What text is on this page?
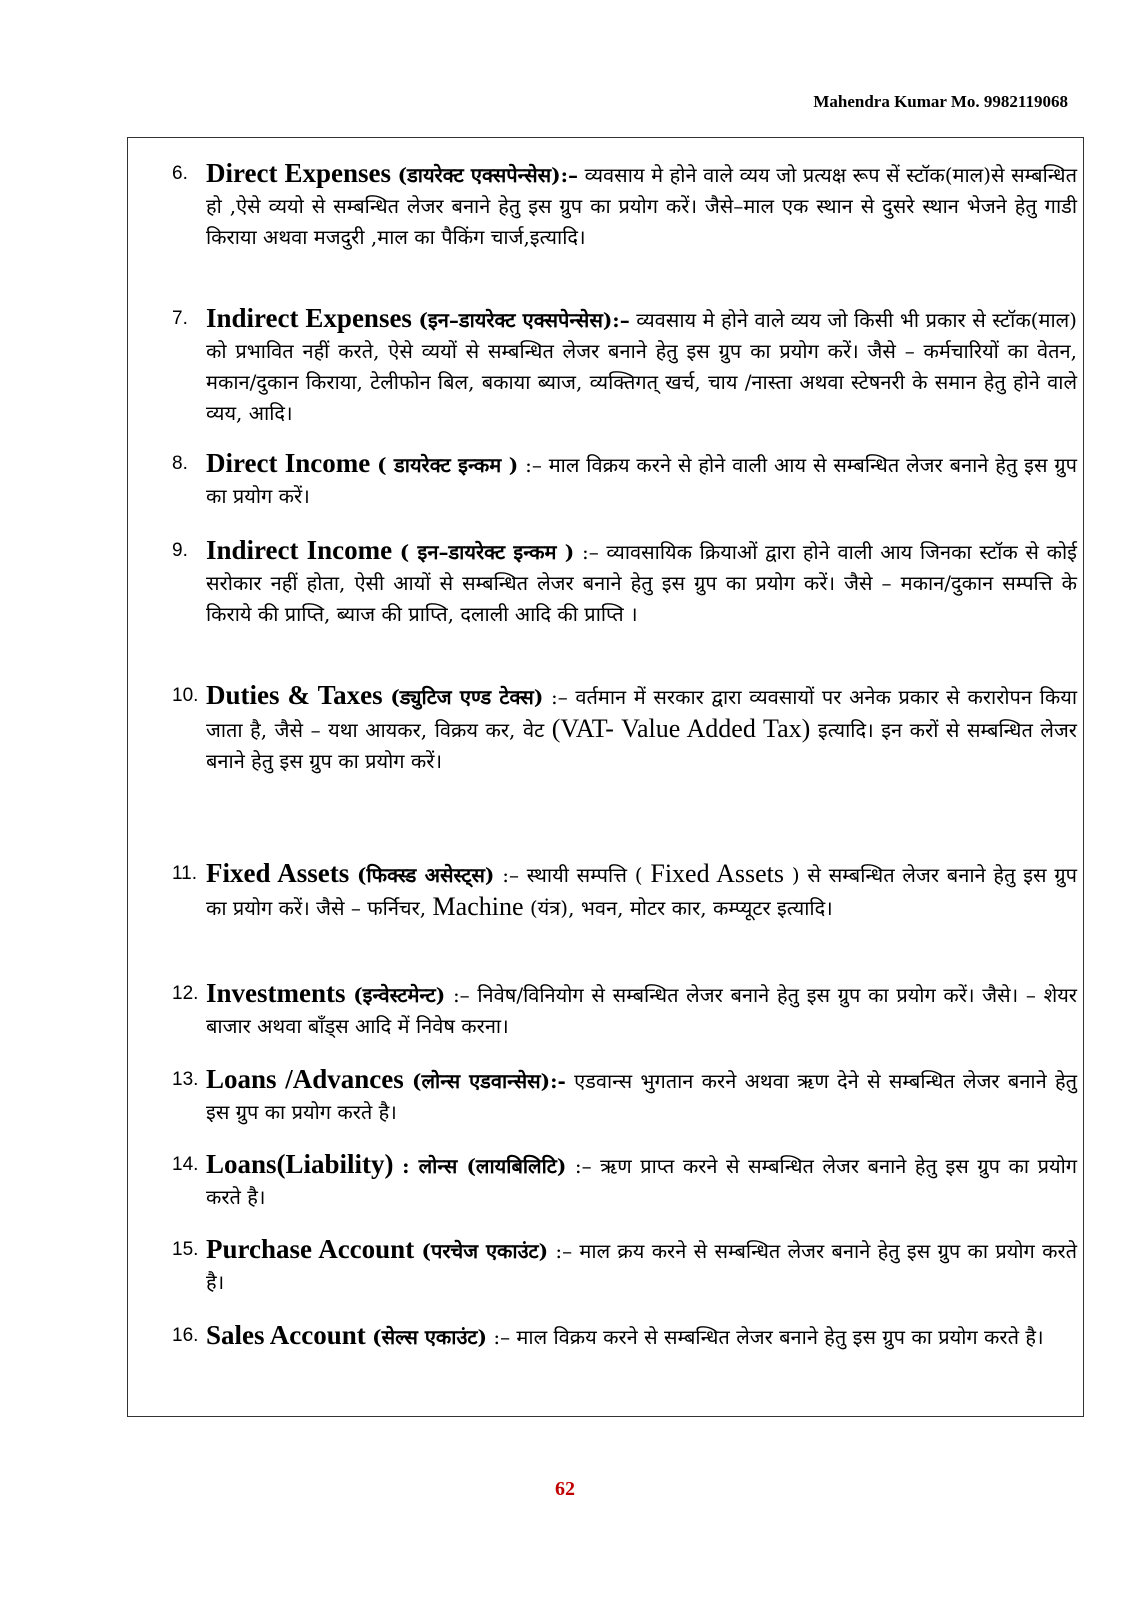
Mahendra Kumar Mo. 9982119068
6. Direct Expenses (डायरेक्ट एक्सपेन्सेस):– व्यवसाय मे होने वाले व्यय जो प्रत्यक्ष रूप सें स्टॉक(माल)से सम्बन्धित हो ,ऐसे व्ययो से सम्बन्धित लेजर बनाने हेतु इस ग्रुप का प्रयोग करें। जैसे–माल एक स्थान से दुसरे स्थान भेजने हेतु गाडी किराया अथवा मजदुरी ,माल का पैकिंग चार्ज,इत्यादि।
7. Indirect Expenses (इन–डायरेक्ट एक्सपेन्सेस):– व्यवसाय मे होने वाले व्यय जो किसी भी प्रकार से स्टॉक(माल) को प्रभावित नहीं करते, ऐसे व्ययों से सम्बन्धित लेजर बनाने हेतु इस ग्रुप का प्रयोग करें। जैसे – कर्मचारियों का वेतन, मकान/दुकान किराया, टेलीफोन बिल, बकाया ब्याज, व्यक्तिगत् खर्च, चाय /नास्ता अथवा स्टेषनरी के समान हेतु होने वाले व्यय, आदि।
8. Direct Income ( डायरेक्ट इन्कम ) :– माल विक्रय करने से होने वाली आय से सम्बन्धित लेजर बनाने हेतु इस ग्रुप का प्रयोग करें।
9. Indirect Income ( इन–डायरेक्ट इन्कम ) :– व्यावसायिक क्रियाओं द्वारा होने वाली आय जिनका स्टॉक से कोई सरोकार नहीं होता, ऐसी आयों से सम्बन्धित लेजर बनाने हेतु इस ग्रुप का प्रयोग करें। जैसे – मकान/दुकान सम्पत्ति के किराये की प्राप्ति, ब्याज की प्राप्ति, दलाली आदि की प्राप्ति ।
10. Duties & Taxes (ड्युटिज एण्ड टेक्स) :– वर्तमान में सरकार द्वारा व्यवसायों पर अनेक प्रकार से करारोपन किया जाता है, जैसे – यथा आयकर, विक्रय कर, वेट (VAT- Value Added Tax) इत्यादि। इन करों से सम्बन्धित लेजर बनाने हेतु इस ग्रुप का प्रयोग करें।
11. Fixed Assets (फिक्स्ड असेस्ट्स) :– स्थायी सम्पत्ति ( Fixed Assets ) से सम्बन्धित लेजर बनाने हेतु इस ग्रुप का प्रयोग करें। जैसे – फर्निचर, Machine (यंत्र), भवन, मोटर कार, कम्प्यूटर इत्यादि।
12. Investments (इन्वेस्टमेन्ट) :– निवेष/विनियोग से सम्बन्धित लेजर बनाने हेतु इस ग्रुप का प्रयोग करें। जैसे। – शेयर बाजार अथवा बॉंड्स आदि में निवेष करना।
13. Loans /Advances (लोन्स एडवान्सेस):- एडवान्स भुगतान करने अथवा ऋण देने से सम्बन्धित लेजर बनाने हेतु इस ग्रुप का प्रयोग करते है।
14. Loans(Liability) : लोन्स (लायबिलिटि) :– ऋण प्राप्त करने से सम्बन्धित लेजर बनाने हेतु इस ग्रुप का प्रयोग करते है।
15. Purchase Account (परचेज एकाउंट) :– माल क्रय करने से सम्बन्धित लेजर बनाने हेतु इस ग्रुप का प्रयोग करते है।
16. Sales Account (सेल्स एकाउंट) :– माल विक्रय करने से सम्बन्धित लेजर बनाने हेतु इस ग्रुप का प्रयोग करते है।
62
